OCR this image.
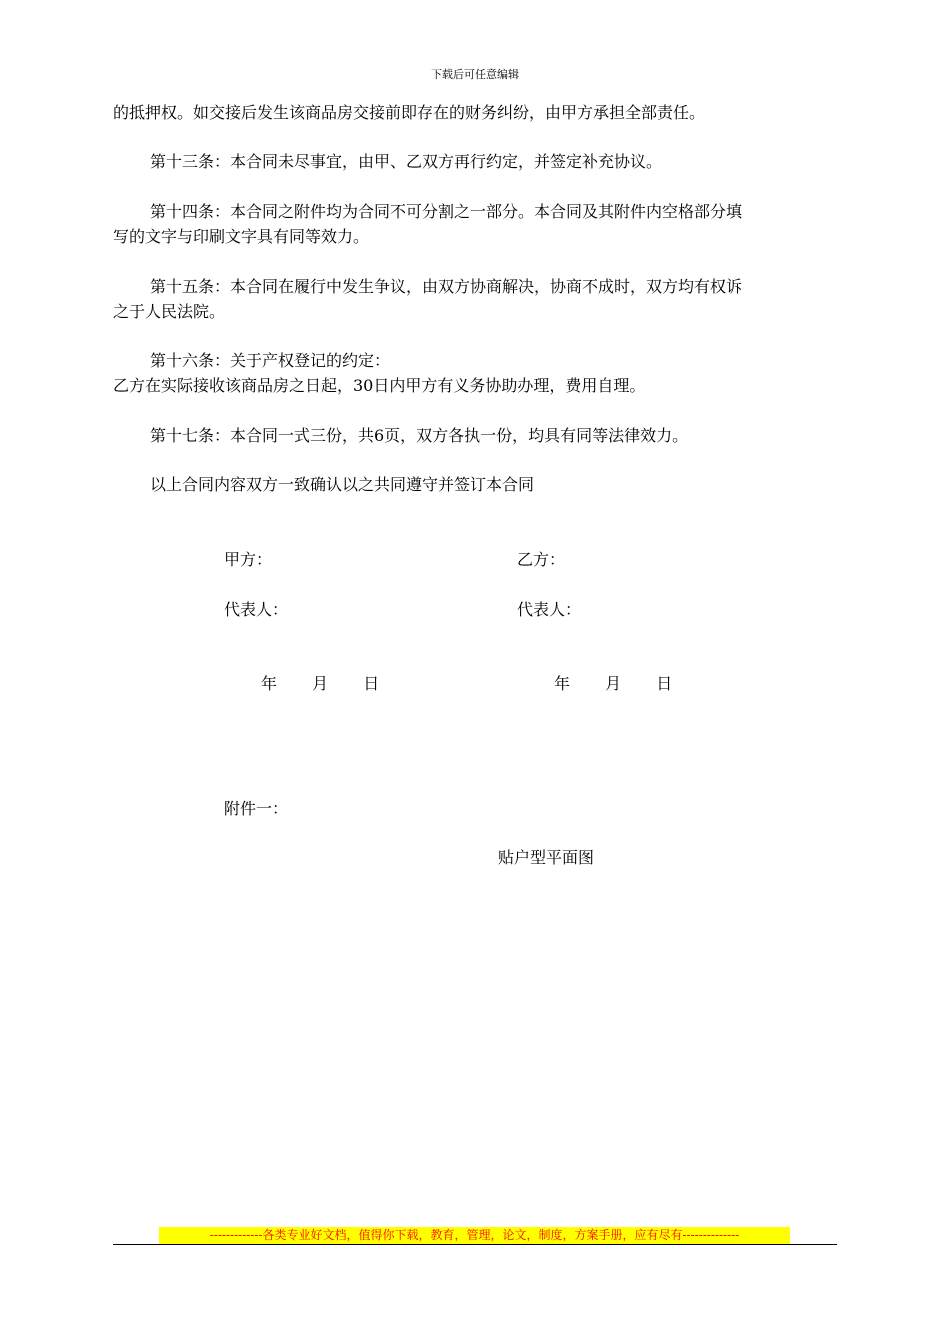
下载后可任意编辑

的抵押权。如交接后发生该商品房交接前即存在的财务纠纷，由甲方承担全部责任。

第十三条：本合同未尽事宜，由甲、乙双方再行约定，并签定补充协议。

第十四条：本合同之附件均为合同不可分割之一部分。本合同及其附件内空格部分填

写的文字与印刷文字具有同等效力。

第十五条：本合同在履行中发生争议，由双方协商解决，协商不成时，双方均有权诉

之于人民法院。

第十六条：关于产权登记的约定：

乙方在实际接收该商品房之日起，30日内甲方有义务协助办理，费用自理。

第十七条：本合同一式三份，共6页，双方各执一份，均具有同等法律效力。

以上合同内容双方一致确认以之共同遵守并签订本合同

甲方：	乙方：
代表人：	代表人：
年 月 日	年 月 日
附件一：
贴户型平面图
-------------各类专业好文档，值得你下载，教育，管理，论文，制度，方案手册，应有尽有--------------
